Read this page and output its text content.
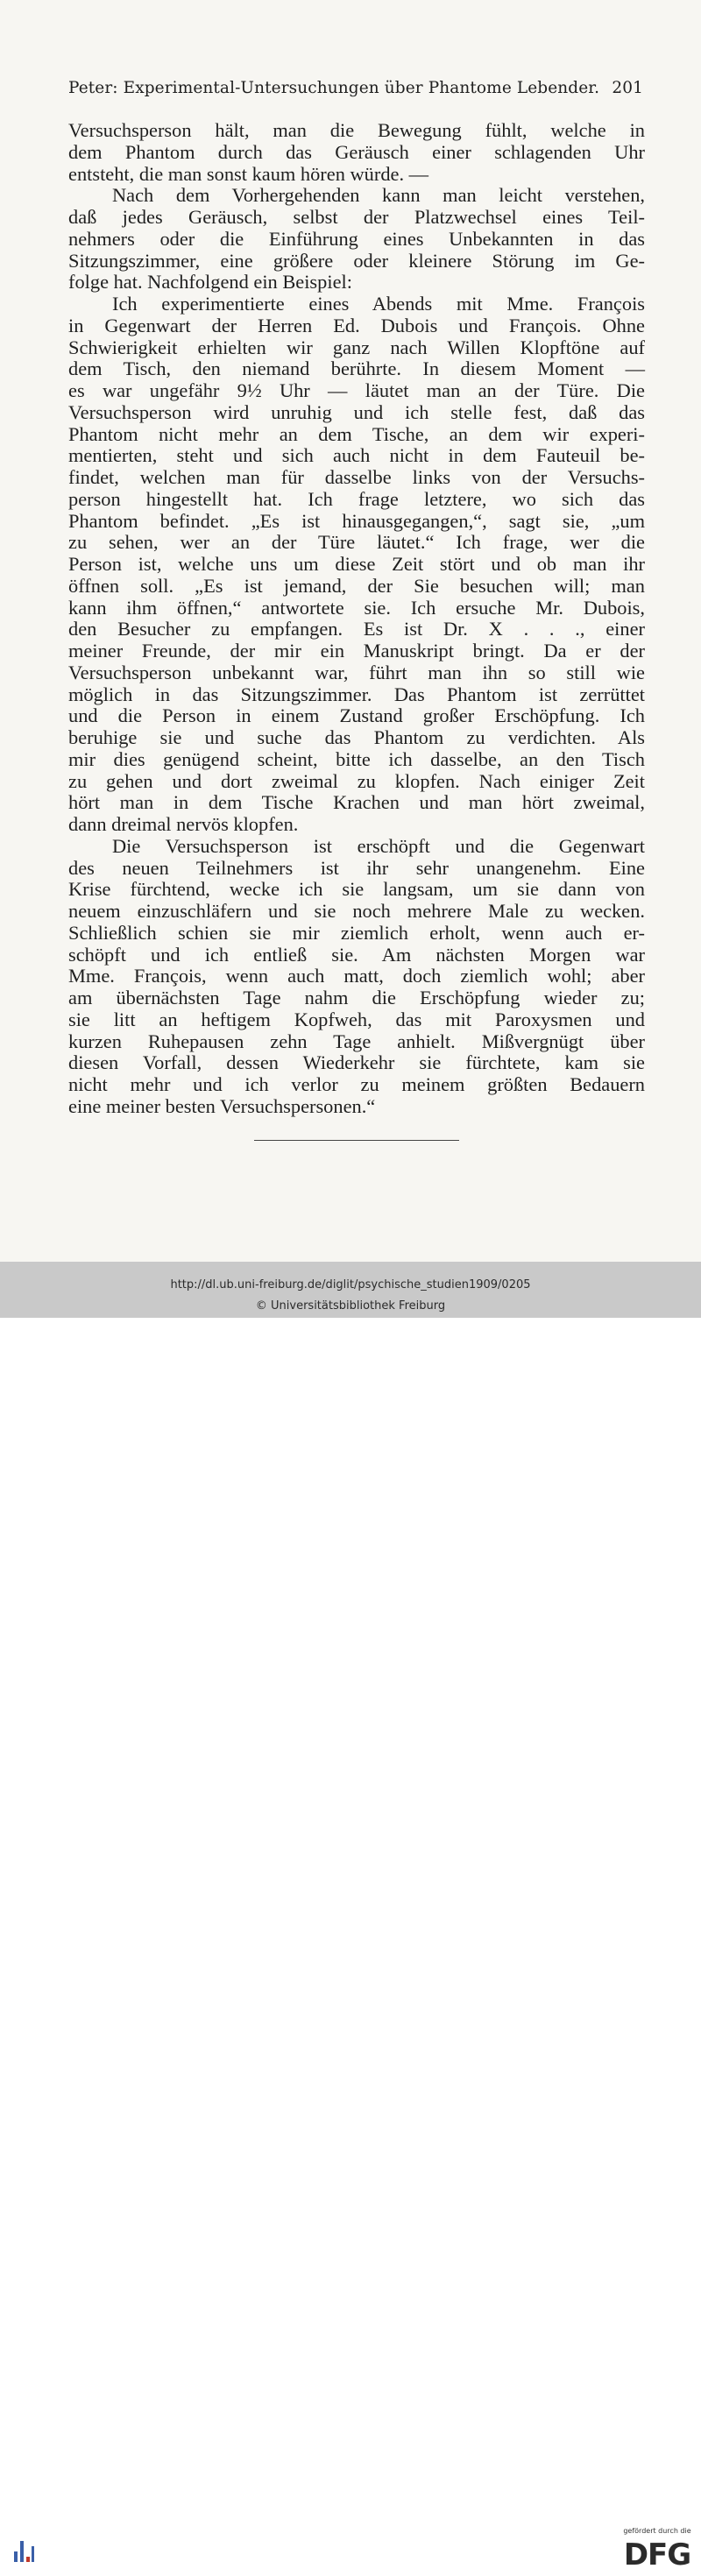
Peter: Experimental-Untersuchungen über Phantome Lebender. 201
Versuchsperson hält, man die Bewegung fühlt, welche in
dem Phantom durch das Geräusch einer schlagenden Uhr
entsteht, die man sonst kaum hören würde. —
Nach dem Vorhergehenden kann man leicht verstehen,
daß jedes Geräusch, selbst der Platzwechsel eines Teil-
nehmers oder die Einführung eines Unbekannten in das
Sitzungszimmer, eine größere oder kleinere Störung im Ge-
folge hat. Nachfolgend ein Beispiel:
Ich experimentierte eines Abends mit Mme. François
in Gegenwart der Herren Ed. Dubois und François. Ohne
Schwierigkeit erhielten wir ganz nach Willen Klopftöne auf
dem Tisch, den niemand berührte. In diesem Moment —
es war ungefähr 9½ Uhr — läutet man an der Türe. Die
Versuchsperson wird unruhig und ich stelle fest, daß das
Phantom nicht mehr an dem Tische, an dem wir experi-
mentierten, steht und sich auch nicht in dem Fauteuil be-
findet, welchen man für dasselbe links von der Versuchs-
person hingestellt hat. Ich frage letztere, wo sich das
Phantom befindet. „Es ist hinausgegangen,“, sagt sie, „um
zu sehen, wer an der Türe läutet.“ Ich frage, wer die
Person ist, welche uns um diese Zeit stört und ob man ihr
öffnen soll. „Es ist jemand, der Sie besuchen will; man
kann ihm öffnen,“ antwortete sie. Ich ersuche Mr. Dubois,
den Besucher zu empfangen. Es ist Dr. X . . ., einer
meiner Freunde, der mir ein Manuskript bringt. Da er der
Versuchsperson unbekannt war, führt man ihn so still wie
möglich in das Sitzungszimmer. Das Phantom ist zerrüttet
und die Person in einem Zustand großer Erschöpfung. Ich
beruhige sie und suche das Phantom zu verdichten. Als
mir dies genügend scheint, bitte ich dasselbe, an den Tisch
zu gehen und dort zweimal zu klopfen. Nach einiger Zeit
hört man in dem Tische Krachen und man hört zweimal,
dann dreimal nervös klopfen.
Die Versuchsperson ist erschöpft und die Gegenwart
des neuen Teilnehmers ist ihr sehr unangenehm. Eine
Krise fürchtend, wecke ich sie langsam, um sie dann von
neuem einzuschläfern und sie noch mehrere Male zu wecken.
Schließlich schien sie mir ziemlich erholt, wenn auch er-
schöpft und ich entließ sie. Am nächsten Morgen war
Mme. François, wenn auch matt, doch ziemlich wohl; aber
am übernächsten Tage nahm die Erschöpfung wieder zu;
sie litt an heftigem Kopfweh, das mit Paroxysmen und
kurzen Ruhepausen zehn Tage anhielt. Mißvergnügt über
diesen Vorfall, dessen Wiederkehr sie fürchtete, kam sie
nicht mehr und ich verlor zu meinem größten Bedauern
eine meiner besten Versuchspersonen.“
gefördert durch die
DFG
http://dl.ub.uni-freiburg.de/diglit/psychische_studien1909/0205
© Universitätsbibliothek Freiburg
